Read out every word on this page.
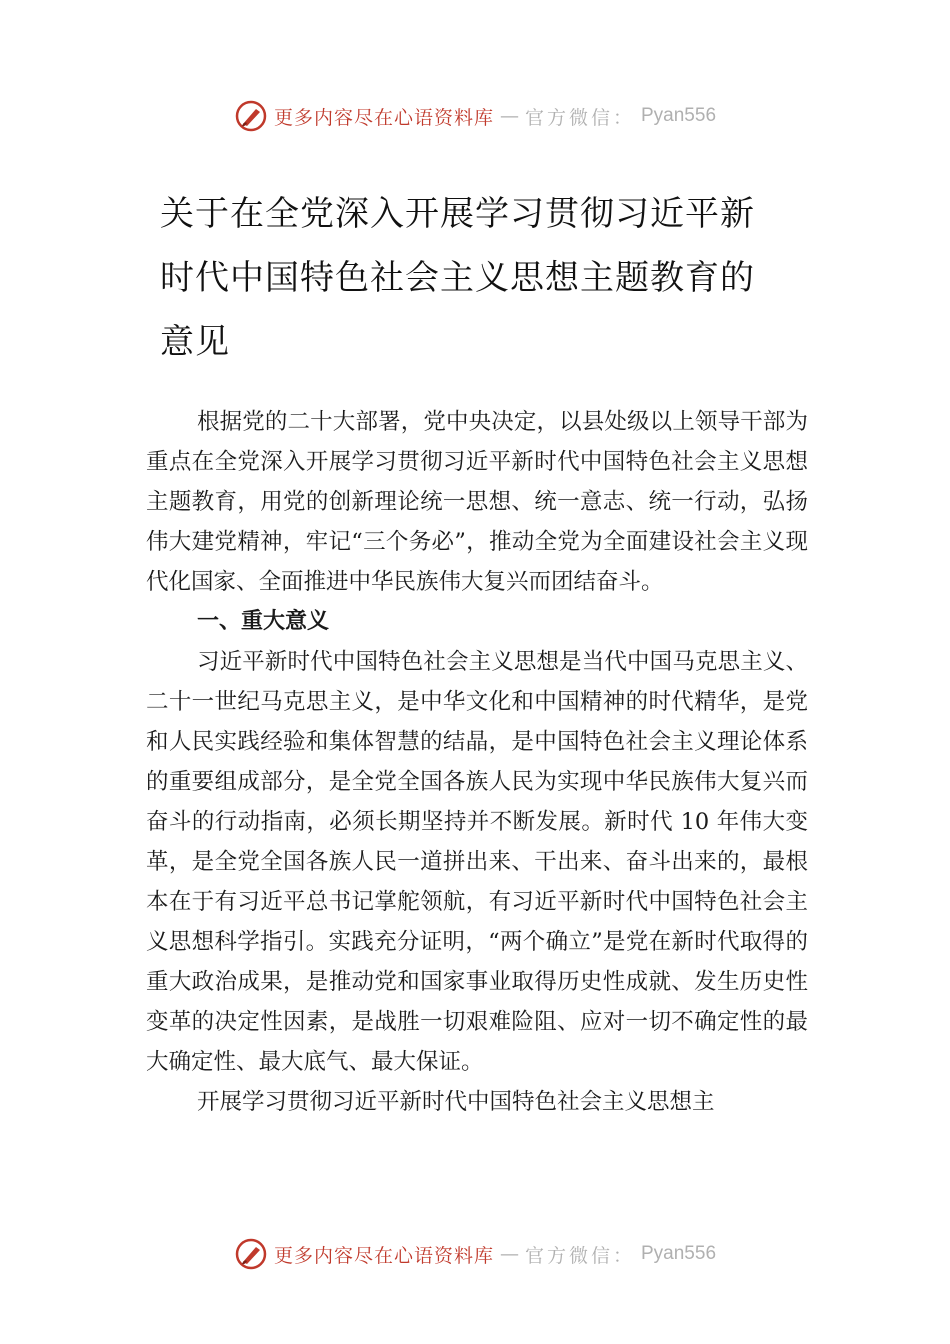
更多内容尽在心语资料库 — 官方微信： Pyan556
关于在全党深入开展学习贯彻习近平新
时代中国特色社会主义思想主题教育的
意见

根据党的二十大部署，党中央决定，以县处级以上领导干部为重点在全党深入开展学习贯彻习近平新时代中国特色社会主义思想主题教育，用党的创新理论统一思想、统一意志、统一行动，弘扬伟大建党精神，牢记“三个务必”，推动全党为全面建设社会主义现代化国家、全面推进中华民族伟大复兴而团结奋斗。

一、重大意义

习近平新时代中国特色社会主义思想是当代中国马克思主义、二十一世纪马克思主义，是中华文化和中国精神的时代精华，是党和人民实践经验和集体智慧的结晶，是中国特色社会主义理论体系的重要组成部分，是全党全国各族人民为实现中华民族伟大复兴而奋斗的行动指南，必须长期坚持并不断发展。新时代 10 年伟大变革，是全党全国各族人民一道拼出来、干出来、奋斗出来的，最根本在于有习近平总书记掌舵领航，有习近平新时代中国特色社会主义思想科学指引。实践充分证明，“两个确立”是党在新时代取得的重大政治成果，是推动党和国家事业取得历史性成就、发生历史性变革的决定性因素，是战胜一切艰难险阻、应对一切不确定性的最大确定性、最大底气、最大保证。

开展学习贯彻习近平新时代中国特色社会主义思想主

更多内容尽在心语资料库 — 官方微信： Pyan556
